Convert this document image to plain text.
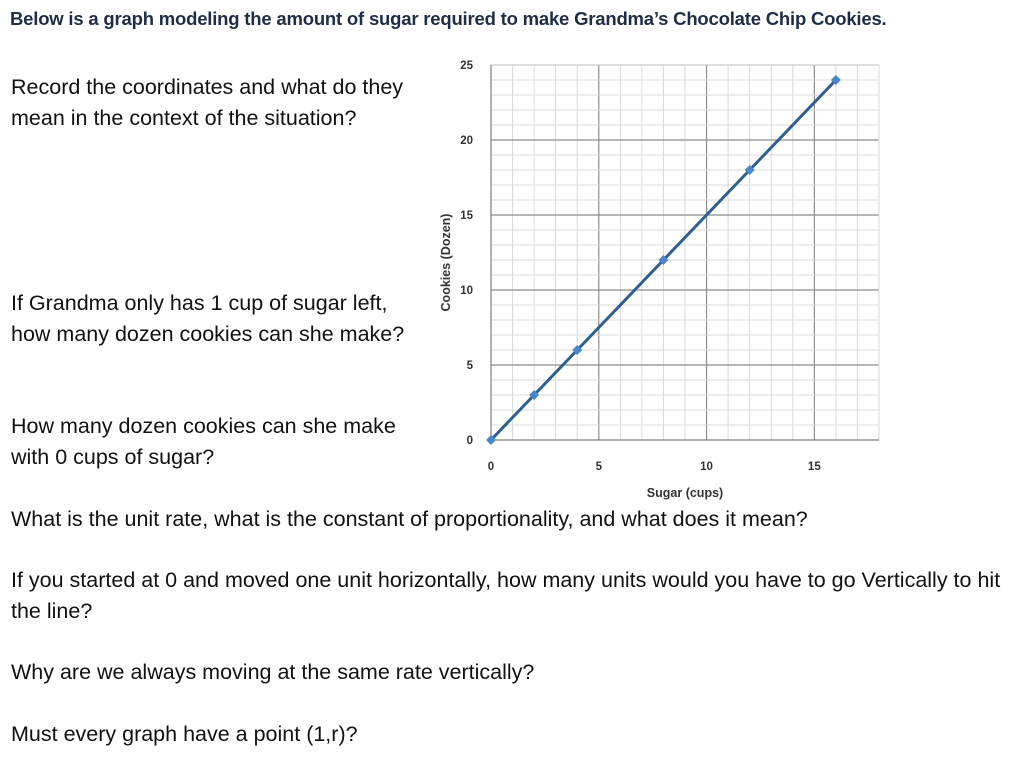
Below is a graph modeling the amount of sugar required to make Grandma’s Chocolate Chip Cookies.
Record the coordinates and what do they mean in the context of the situation?
If Grandma only has 1 cup of sugar left, how many dozen cookies can she make?
How many dozen cookies can she make with 0 cups of sugar?
What is the unit rate, what is the constant of proportionality, and what does it mean?
If you started at 0 and moved one unit horizontally, how many units would you have to go Vertically to hit the line?
Why are we always moving at the same rate vertically?
Must every graph have a point (1,r)?
0	5	10	15
0
5
10
15
20
25
Sugar (cups)
Cookies (Dozen)
